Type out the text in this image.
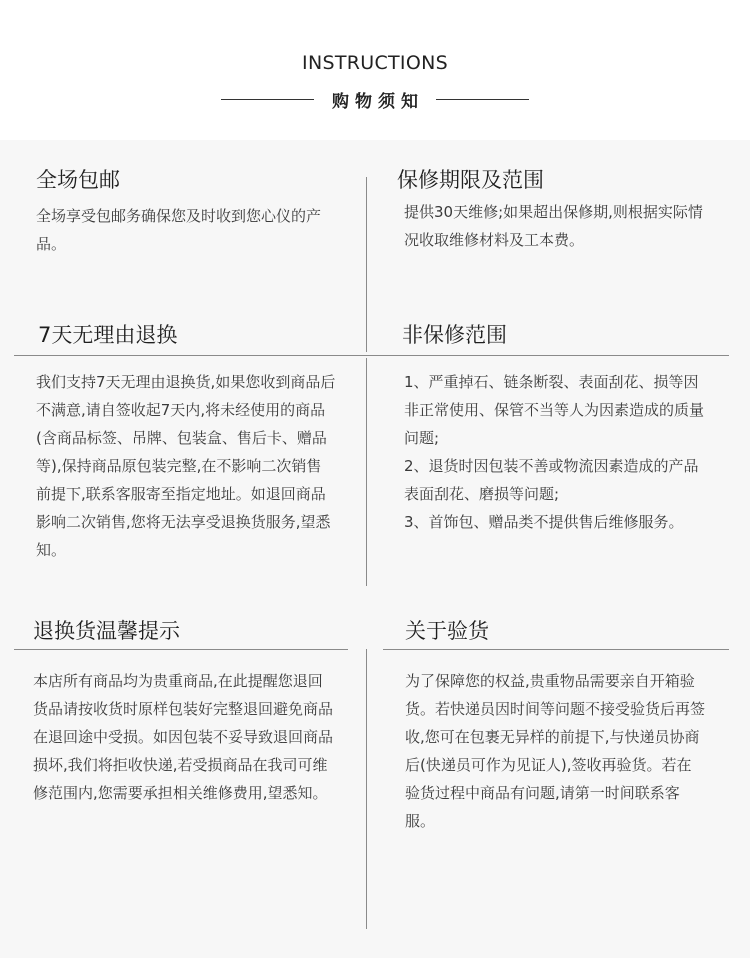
INSTRUCTIONS
购物须知
全场包邮
全场享受包邮务确保您及时收到您心仪的产品。
保修期限及范围
提供30天维修;如果超出保修期,则根据实际情况收取维修材料及工本费。
7天无理由退换
我们支持7天无理由退换货,如果您收到商品后不满意,请自签收起7天内,将未经使用的商品(含商品标签、吊牌、包装盒、售后卡、赠品等),保持商品原包装完整,在不影响二次销售前提下,联系客服寄至指定地址。如退回商品影响二次销售,您将无法享受退换货服务,望悉知。
非保修范围

1、严重掉石、链条断裂、表面刮花、损等因非正常使用、保管不当等人为因素造成的质量问题;

2、退货时因包装不善或物流因素造成的产品表面刮花、磨损等问题;

3、首饰包、赠品类不提供售后维修服务。

退换货温馨提示
本店所有商品均为贵重商品,在此提醒您退回货品请按收货时原样包装好完整退回避免商品在退回途中受损。如因包装不妥导致退回商品损坏,我们将拒收快递,若受损商品在我司可维修范围内,您需要承担相关维修费用,望悉知。
关于验货
为了保障您的权益,贵重物品需要亲自开箱验货。若快递员因时间等问题不接受验货后再签收,您可在包裹无异样的前提下,与快递员协商后(快递员可作为见证人),签收再验货。若在验货过程中商品有问题,请第一时间联系客服。
